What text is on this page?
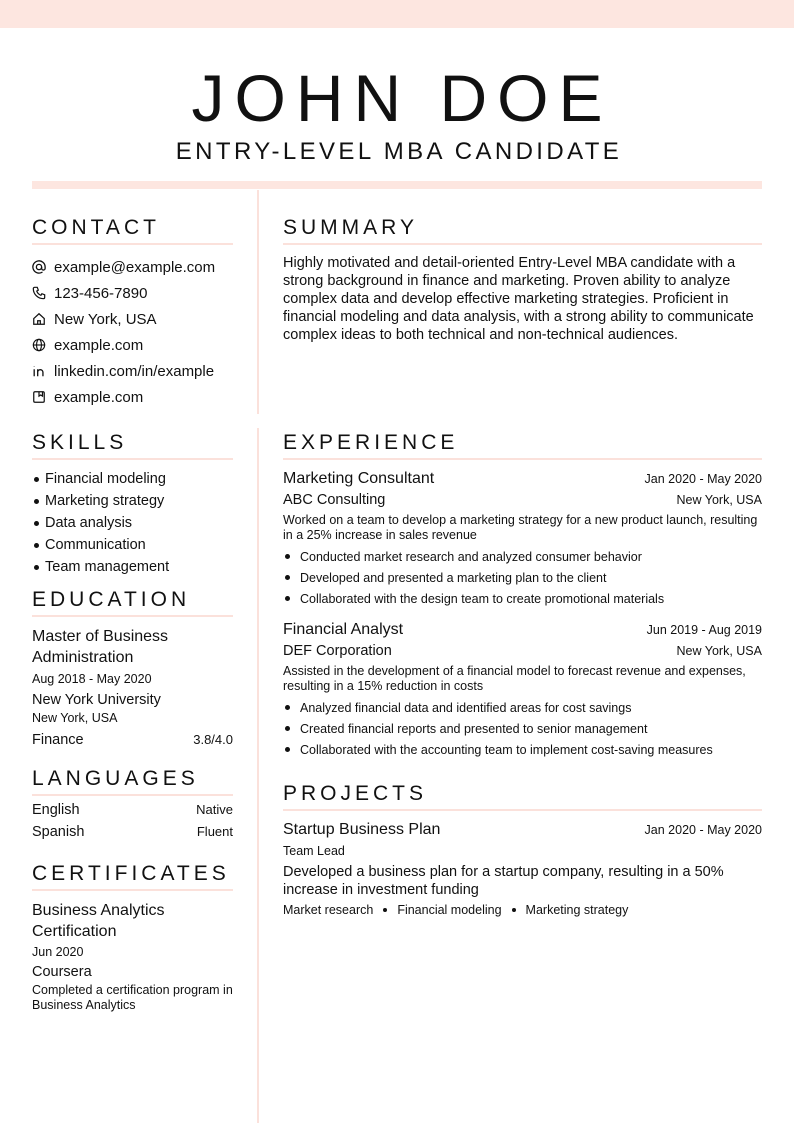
JOHN DOE
ENTRY-LEVEL MBA CANDIDATE
CONTACT
example@example.com
123-456-7890
New York, USA
example.com
linkedin.com/in/example
example.com
SUMMARY

Highly motivated and detail-oriented Entry-Level MBA candidate with a strong background in finance and marketing. Proven ability to analyze complex data and develop effective marketing strategies. Proficient in financial modeling and data analysis, with a strong ability to communicate complex ideas to both technical and non-technical audiences.

SKILLS
Financial modeling
Marketing strategy
Data analysis
Communication
Team management
EDUCATION
Master of Business Administration
Aug 2018 - May 2020
New York University
New York, USA
Finance	3.8/4.0
LANGUAGES
English	Native
Spanish	Fluent
CERTIFICATES
Business Analytics Certification
Jun 2020
Coursera
Completed a certification program in Business Analytics
EXPERIENCE
Marketing Consultant	Jan 2020 - May 2020
ABC Consulting	New York, USA
Worked on a team to develop a marketing strategy for a new product launch, resulting in a 25% increase in sales revenue
Conducted market research and analyzed consumer behavior
Developed and presented a marketing plan to the client
Collaborated with the design team to create promotional materials
Financial Analyst	Jun 2019 - Aug 2019
DEF Corporation	New York, USA
Assisted in the development of a financial model to forecast revenue and expenses, resulting in a 15% reduction in costs
Analyzed financial data and identified areas for cost savings
Created financial reports and presented to senior management
Collaborated with the accounting team to implement cost-saving measures
PROJECTS
Startup Business Plan	Jan 2020 - May 2020
Team Lead
Developed a business plan for a startup company, resulting in a 50% increase in investment funding
Market research Financial modeling Marketing strategy
